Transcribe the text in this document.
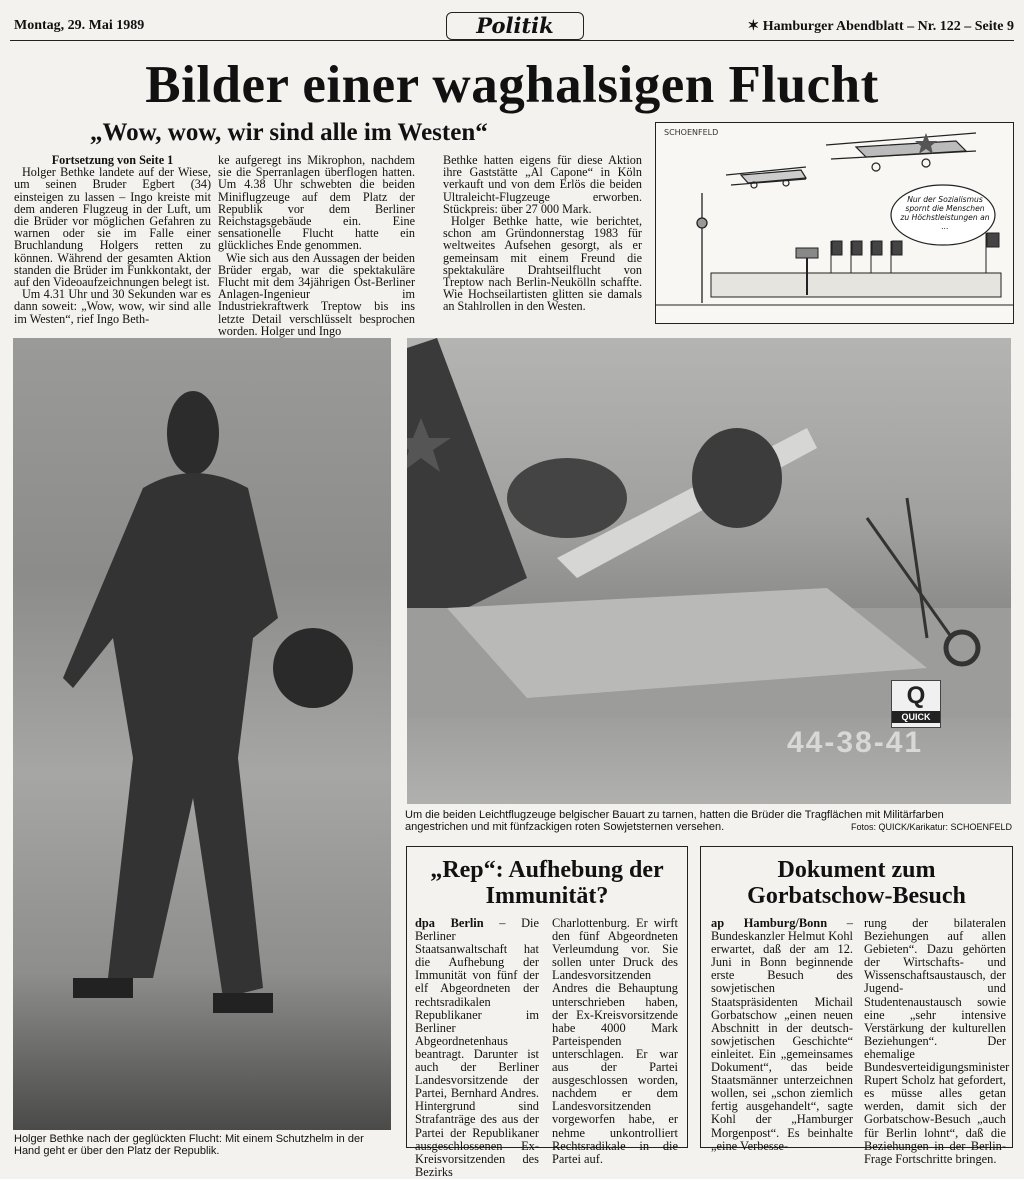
Montag, 29. Mai 1989	Politik	✶ Hamburger Abendblatt – Nr. 122 – Seite 9
Bilder einer waghalsigen Flucht
„Wow, wow, wir sind alle im Westen“

Fortsetzung von Seite 1

Holger Bethke landete auf der Wiese, um seinen Bruder Egbert (34) einsteigen zu lassen – Ingo kreiste mit dem anderen Flugzeug in der Luft, um die Brüder vor möglichen Gefahren zu warnen oder sie im Falle einer Bruchlandung Holgers retten zu können. Während der gesamten Aktion standen die Brüder im Funkkontakt, der auf den Videoaufzeichnungen belegt ist.

Um 4.31 Uhr und 30 Sekunden war es dann soweit: „Wow, wow, wir sind alle im Westen“, rief Ingo Beth-

ke aufgeregt ins Mikrophon, nachdem sie die Sperranlagen überflogen hatten. Um 4.38 Uhr schwebten die beiden Miniflugzeuge auf dem Platz der Republik vor dem Berliner Reichstagsgebäude ein. Eine sensationelle Flucht hatte ein glückliches Ende genommen.

Wie sich aus den Aussagen der beiden Brüder ergab, war die spektakuläre Flucht mit dem 34jährigen Ost-Berliner Anlagen-Ingenieur im Industriekraftwerk Treptow bis ins letzte Detail verschlüsselt besprochen worden. Holger und Ingo

Bethke hatten eigens für diese Aktion ihre Gaststätte „Al Capone“ in Köln verkauft und von dem Erlös die beiden Ultraleicht-Flugzeuge erworben. Stückpreis: über 27 000 Mark.

Holger Bethke hatte, wie berichtet, schon am Gründonnerstag 1983 für weltweites Aufsehen gesorgt, als er gemeinsam mit einem Freund die spektakuläre Drahtseilflucht von Treptow nach Berlin-Neukölln schaffte. Wie Hochseilartisten glitten sie damals an Stahlrollen in den Westen.

SCHOENFELD
Nur der Sozialismus spornt die Menschen zu Höchstleistungen an ...
Holger Bethke nach der geglückten Flucht: Mit einem Schutzhelm in der Hand geht er über den Platz der Republik.
Q
QUICK
44-38-41
Um die beiden Leichtflugzeuge belgischer Bauart zu tarnen, hatten die Brüder die Tragflächen mit Militärfarben angestrichen und mit fünfzackigen roten Sowjetsternen versehen.	Fotos: QUICK/Karikatur: SCHOENFELD
„Rep“: Aufhebung der Immunität?

dpa Berlin – Die Berliner Staatsanwaltschaft hat die Aufhebung der Immunität von fünf der elf Abgeordneten der rechtsradikalen Republikaner im Berliner Abgeordnetenhaus beantragt. Darunter ist auch der Berliner Landesvorsitzende der Partei, Bernhard Andres. Hintergrund sind Strafanträge des aus der Partei der Republikaner ausgeschlossenen Ex-Kreisvorsitzenden des Bezirks

Charlottenburg. Er wirft den fünf Abgeordneten Verleumdung vor. Sie sollen unter Druck des Landesvorsitzenden Andres die Behauptung unterschrieben haben, der Ex-Kreisvorsitzende habe 4000 Mark Parteispenden unterschlagen. Er war aus der Partei ausgeschlossen worden, nachdem er dem Landesvorsitzenden vorgeworfen habe, er nehme unkontrolliert Rechtsradikale in die Partei auf.

Dokument zum Gorbatschow-Besuch

ap Hamburg/Bonn – Bundeskanzler Helmut Kohl erwartet, daß der am 12. Juni in Bonn beginnende erste Besuch des sowjetischen Staatspräsidenten Michail Gorbatschow „einen neuen Abschnitt in der deutsch-sowjetischen Geschichte“ einleitet. Ein „gemeinsames Dokument“, das beide Staatsmänner unterzeichnen wollen, sei „schon ziemlich fertig ausgehandelt“, sagte Kohl der „Hamburger Morgenpost“. Es beinhalte „eine Verbesse-

rung der bilateralen Beziehungen auf allen Gebieten“. Dazu gehörten der Wirtschafts- und Wissenschaftsaustausch, der Jugend- und Studentenaustausch sowie eine „sehr intensive Verstärkung der kulturellen Beziehungen“. Der ehemalige Bundesverteidigungsminister Rupert Scholz hat gefordert, es müsse alles getan werden, damit sich der Gorbatschow-Besuch „auch für Berlin lohnt“, daß die Beziehungen in der Berlin-Frage Fortschritte bringen.
